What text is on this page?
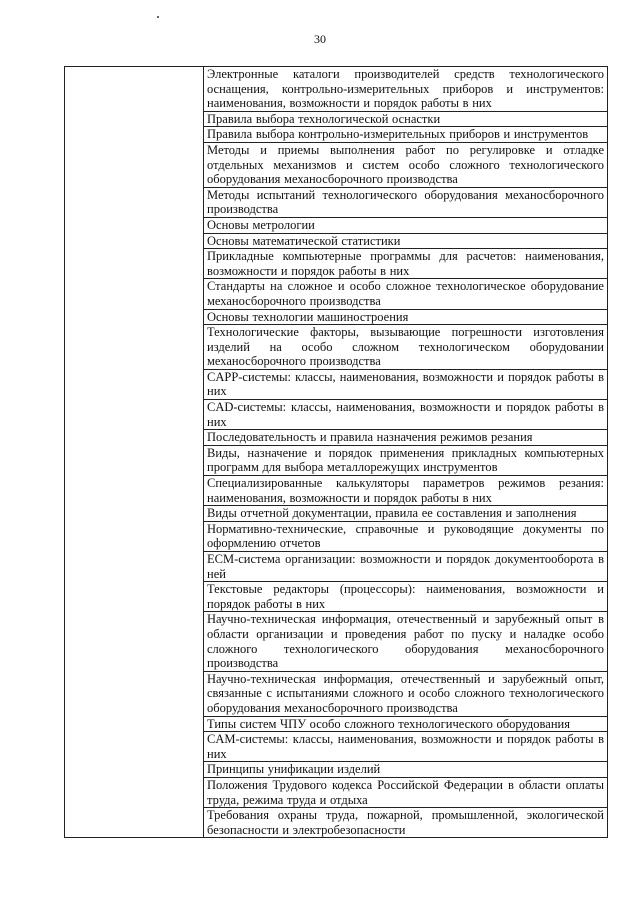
30

Электронные каталоги производителей средств технологического оснащения, контрольно-измерительных приборов и инструментов: наименования, возможности и порядок работы в них

Правила выбора технологической оснастки

Правила выбора контрольно-измерительных приборов и инструментов

Методы и приемы выполнения работ по регулировке и отладке отдельных механизмов и систем особо сложного технологического оборудования механосборочного производства

Методы испытаний технологического оборудования механосборочного производства

Основы метрологии

Основы математической статистики

Прикладные компьютерные программы для расчетов: наименования, возможности и порядок работы в них

Стандарты на сложное и особо сложное технологическое оборудование механосборочного производства

Основы технологии машиностроения

Технологические факторы, вызывающие погрешности изготовления изделий на особо сложном технологическом оборудовании механосборочного производства

CAPP-системы: классы, наименования, возможности и порядок работы в них

CAD-системы: классы, наименования, возможности и порядок работы в них

Последовательность и правила назначения режимов резания

Виды, назначение и порядок применения прикладных компьютерных программ для выбора металлорежущих инструментов

Специализированные калькуляторы параметров режимов резания: наименования, возможности и порядок работы в них

Виды отчетной документации, правила ее составления и заполнения

Нормативно-технические, справочные и руководящие документы по оформлению отчетов

ECM-система организации: возможности и порядок документооборота в ней

Текстовые редакторы (процессоры): наименования, возможности и порядок работы в них

Научно-техническая информация, отечественный и зарубежный опыт в области организации и проведения работ по пуску и наладке особо сложного технологического оборудования механосборочного производства

Научно-техническая информация, отечественный и зарубежный опыт, связанные с испытаниями сложного и особо сложного технологического оборудования механосборочного производства

Типы систем ЧПУ особо сложного технологического оборудования

CAM-системы: классы, наименования, возможности и порядок работы в них

Принципы унификации изделий

Положения Трудового кодекса Российской Федерации в области оплаты труда, режима труда и отдыха

Требования охраны труда, пожарной, промышленной, экологической безопасности и электробезопасности
